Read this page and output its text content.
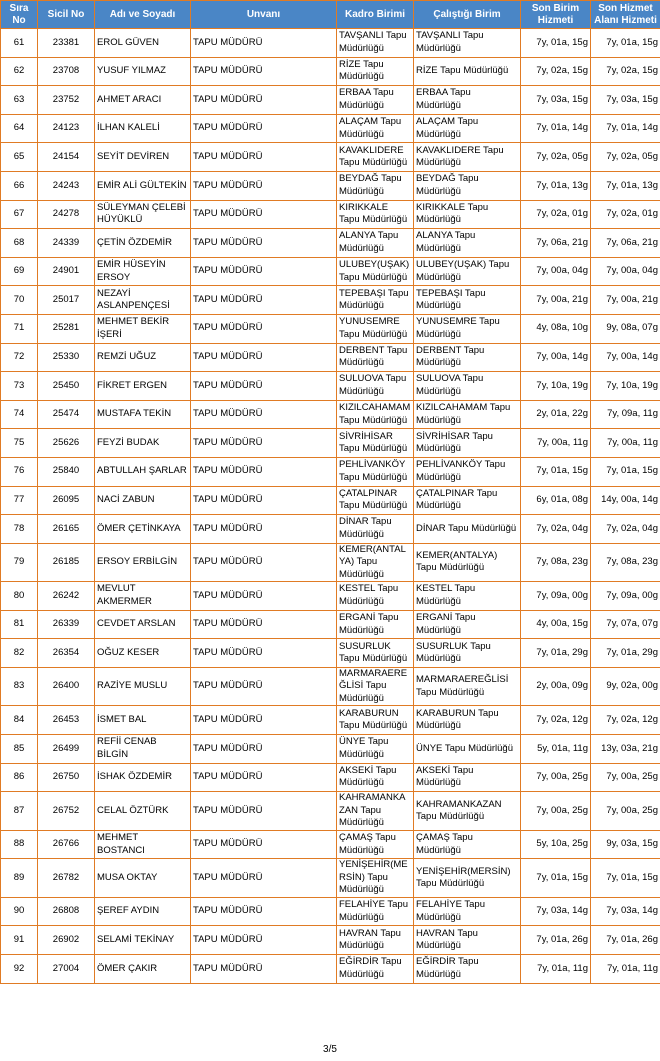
Sıra No	Sicil No	Adı ve Soyadı	Unvanı	Kadro Birimi	Çalıştığı Birim	Son Birim Hizmeti	Son Hizmet Alanı Hizmeti
61	23381	EROL GÜVEN	TAPU MÜDÜRÜ	TAVŞANLI Tapu Müdürlüğü	TAVŞANLI Tapu Müdürlüğü	7y, 01a, 15g	7y, 01a, 15g
62	23708	YUSUF YILMAZ	TAPU MÜDÜRÜ	RİZE Tapu Müdürlüğü	RİZE Tapu Müdürlüğü	7y, 02a, 15g	7y, 02a, 15g
63	23752	AHMET ARACI	TAPU MÜDÜRÜ	ERBAA Tapu Müdürlüğü	ERBAA Tapu Müdürlüğü	7y, 03a, 15g	7y, 03a, 15g
64	24123	İLHAN KALELİ	TAPU MÜDÜRÜ	ALAÇAM Tapu Müdürlüğü	ALAÇAM Tapu Müdürlüğü	7y, 01a, 14g	7y, 01a, 14g
65	24154	SEYİT DEVİREN	TAPU MÜDÜRÜ	KAVAKLIDERE Tapu Müdürlüğü	KAVAKLIDERE Tapu Müdürlüğü	7y, 02a, 05g	7y, 02a, 05g
66	24243	EMİR ALİ GÜLTEKİN	TAPU MÜDÜRÜ	BEYDAĞ Tapu Müdürlüğü	BEYDAĞ Tapu Müdürlüğü	7y, 01a, 13g	7y, 01a, 13g
67	24278	SÜLEYMAN ÇELEBİ HÜYÜKLÜ	TAPU MÜDÜRÜ	KIRIKKALE Tapu Müdürlüğü	KIRIKKALE Tapu Müdürlüğü	7y, 02a, 01g	7y, 02a, 01g
68	24339	ÇETİN ÖZDEMİR	TAPU MÜDÜRÜ	ALANYA Tapu Müdürlüğü	ALANYA Tapu Müdürlüğü	7y, 06a, 21g	7y, 06a, 21g
69	24901	EMİR HÜSEYİN ERSOY	TAPU MÜDÜRÜ	ULUBEY(UŞAK) Tapu Müdürlüğü	ULUBEY(UŞAK) Tapu Müdürlüğü	7y, 00a, 04g	7y, 00a, 04g
70	25017	NEZAYİ ASLANPENÇESİ	TAPU MÜDÜRÜ	TEPEBAŞI Tapu Müdürlüğü	TEPEBAŞI Tapu Müdürlüğü	7y, 00a, 21g	7y, 00a, 21g
71	25281	MEHMET BEKİR İŞERİ	TAPU MÜDÜRÜ	YUNUSEMRE Tapu Müdürlüğü	YUNUSEMRE Tapu Müdürlüğü	4y, 08a, 10g	9y, 08a, 07g
72	25330	REMZİ UĞUZ	TAPU MÜDÜRÜ	DERBENT Tapu Müdürlüğü	DERBENT Tapu Müdürlüğü	7y, 00a, 14g	7y, 00a, 14g
73	25450	FİKRET ERGEN	TAPU MÜDÜRÜ	SULUOVA Tapu Müdürlüğü	SULUOVA Tapu Müdürlüğü	7y, 10a, 19g	7y, 10a, 19g
74	25474	MUSTAFA TEKİN	TAPU MÜDÜRÜ	KIZILCAHAMAM Tapu Müdürlüğü	KIZILCAHAMAM Tapu Müdürlüğü	2y, 01a, 22g	7y, 09a, 11g
75	25626	FEYZİ BUDAK	TAPU MÜDÜRÜ	SİVRİHİSAR Tapu Müdürlüğü	SİVRİHİSAR Tapu Müdürlüğü	7y, 00a, 11g	7y, 00a, 11g
76	25840	ABTULLAH ŞARLAR	TAPU MÜDÜRÜ	PEHLİVANKÖY Tapu Müdürlüğü	PEHLİVANKÖY Tapu Müdürlüğü	7y, 01a, 15g	7y, 01a, 15g
77	26095	NACİ ZABUN	TAPU MÜDÜRÜ	ÇATALPINAR Tapu Müdürlüğü	ÇATALPINAR Tapu Müdürlüğü	6y, 01a, 08g	14y, 00a, 14g
78	26165	ÖMER ÇETİNKAYA	TAPU MÜDÜRÜ	DİNAR Tapu Müdürlüğü	DİNAR Tapu Müdürlüğü	7y, 02a, 04g	7y, 02a, 04g
79	26185	ERSOY ERBİLGİN	TAPU MÜDÜRÜ	KEMER(ANTALYA) Tapu Müdürlüğü	KEMER(ANTALYA) Tapu Müdürlüğü	7y, 08a, 23g	7y, 08a, 23g
80	26242	MEVLUT AKMERMER	TAPU MÜDÜRÜ	KESTEL Tapu Müdürlüğü	KESTEL Tapu Müdürlüğü	7y, 09a, 00g	7y, 09a, 00g
81	26339	CEVDET ARSLAN	TAPU MÜDÜRÜ	ERGANİ Tapu Müdürlüğü	ERGANİ Tapu Müdürlüğü	4y, 00a, 15g	7y, 07a, 07g
82	26354	OĞUZ KESER	TAPU MÜDÜRÜ	SUSURLUK Tapu Müdürlüğü	SUSURLUK Tapu Müdürlüğü	7y, 01a, 29g	7y, 01a, 29g
83	26400	RAZİYE MUSLU	TAPU MÜDÜRÜ	MARMARAEREĞLİSİ Tapu Müdürlüğü	MARMARAEREĞLİSİ Tapu Müdürlüğü	2y, 00a, 09g	9y, 02a, 00g
84	26453	İSMET BAL	TAPU MÜDÜRÜ	KARABURUN Tapu Müdürlüğü	KARABURUN Tapu Müdürlüğü	7y, 02a, 12g	7y, 02a, 12g
85	26499	REFİİ CENAB BİLGİN	TAPU MÜDÜRÜ	ÜNYE Tapu Müdürlüğü	ÜNYE Tapu Müdürlüğü	5y, 01a, 11g	13y, 03a, 21g
86	26750	İSHAK ÖZDEMİR	TAPU MÜDÜRÜ	AKSEKİ Tapu Müdürlüğü	AKSEKİ Tapu Müdürlüğü	7y, 00a, 25g	7y, 00a, 25g
87	26752	CELAL ÖZTÜRK	TAPU MÜDÜRÜ	KAHRAMANKAZAN Tapu Müdürlüğü	KAHRAMANKAZAN Tapu Müdürlüğü	7y, 00a, 25g	7y, 00a, 25g
88	26766	MEHMET BOSTANCI	TAPU MÜDÜRÜ	ÇAMAŞ Tapu Müdürlüğü	ÇAMAŞ Tapu Müdürlüğü	5y, 10a, 25g	9y, 03a, 15g
89	26782	MUSA OKTAY	TAPU MÜDÜRÜ	YENİŞEHİR(MERSİN) Tapu Müdürlüğü	YENİŞEHİR(MERSİN) Tapu Müdürlüğü	7y, 01a, 15g	7y, 01a, 15g
90	26808	ŞEREF AYDIN	TAPU MÜDÜRÜ	FELAHİYE Tapu Müdürlüğü	FELAHİYE Tapu Müdürlüğü	7y, 03a, 14g	7y, 03a, 14g
91	26902	SELAMİ TEKİNAY	TAPU MÜDÜRÜ	HAVRAN Tapu Müdürlüğü	HAVRAN Tapu Müdürlüğü	7y, 01a, 26g	7y, 01a, 26g
92	27004	ÖMER ÇAKIR	TAPU MÜDÜRÜ	EĞİRDİR Tapu Müdürlüğü	EĞİRDİR Tapu Müdürlüğü	7y, 01a, 11g	7y, 01a, 11g
3/5
